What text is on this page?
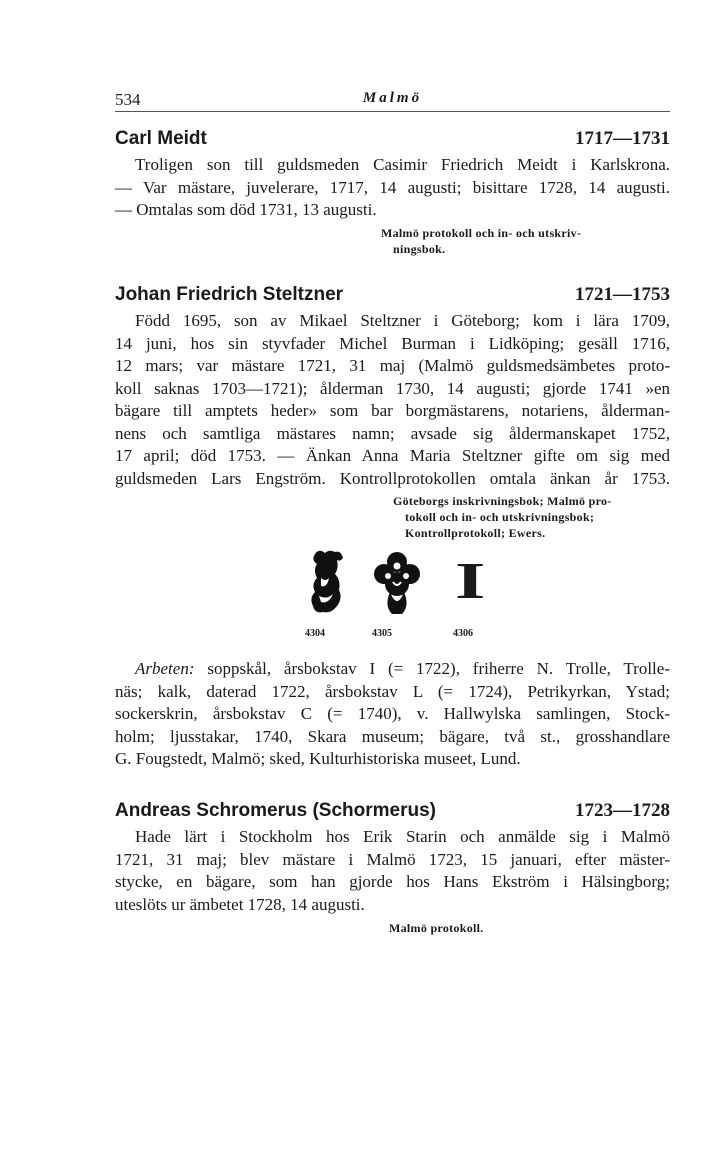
534	Malmö
Carl Meidt	1717—1731
Troligen son till guldsmeden Casimir Friedrich Meidt i Karlskrona.
— Var mästare, juvelerare, 1717, 14 augusti; bisittare 1728, 14 augusti.
— Omtalas som död 1731, 13 augusti.
Malmö protokoll och in- och utskriv-
ningsbok.
Johan Friedrich Steltzner	1721—1753
Född 1695, son av Mikael Steltzner i Göteborg; kom i lära 1709,
14 juni, hos sin styvfader Michel Burman i Lidköping; gesäll 1716,
12 mars; var mästare 1721, 31 maj (Malmö guldsmedsämbetes proto-
koll saknas 1703—1721); ålderman 1730, 14 augusti; gjorde 1741 »en
bägare till amptets heder» som bar borgmästarens, notariens, ålderman-
nens och samtliga mästares namn; avsade sig åldermanskapet 1752,
17 april; död 1753. — Änkan Anna Maria Steltzner gifte om sig med
guldsmeden Lars Engström. Kontrollprotokollen omtala änkan år 1753.
Göteborgs inskrivningsbok; Malmö pro-
tokoll och in- och utskrivningsbok;
Kontrollprotokoll; Ewers.
4304	4305
I
4306
Arbeten: soppskål, årsbokstav I (= 1722), friherre N. Trolle, Trolle-
näs; kalk, daterad 1722, årsbokstav L (= 1724), Petrikyrkan, Ystad;
sockerskrin, årsbokstav C (= 1740), v. Hallwylska samlingen, Stock-
holm; ljusstakar, 1740, Skara museum; bägare, två st., grosshandlare
G. Fougstedt, Malmö; sked, Kulturhistoriska museet, Lund.
Andreas Schromerus (Schormerus)	1723—1728
Hade lärt i Stockholm hos Erik Starin och anmälde sig i Malmö
1721, 31 maj; blev mästare i Malmö 1723, 15 januari, efter mäster-
stycke, en bägare, som han gjorde hos Hans Ekström i Hälsingborg;
uteslöts ur ämbetet 1728, 14 augusti.
Malmö protokoll.
